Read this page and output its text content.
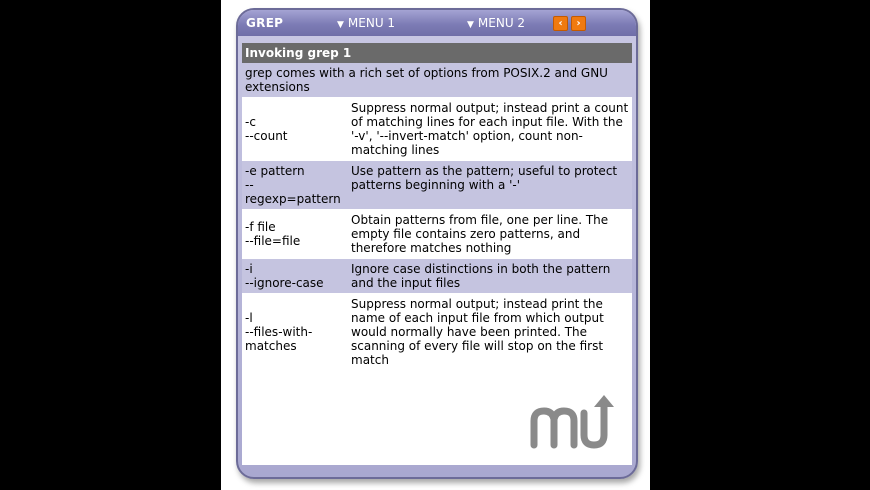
GREP	▼ MENU 1	▼ MENU 2	‹	›
Invoking grep 1
grep comes with a rich set of options from POSIX.2 and GNU extensions
-c
--count	Suppress normal output; instead print a count of matching lines for each input file. With the '-v', '--invert-match' option, count non-matching lines
-e pattern
--
regexp=pattern	Use pattern as the pattern; useful to protect patterns beginning with a '-'
-f file
--file=file	Obtain patterns from file, one per line. The empty file contains zero patterns, and therefore matches nothing
-i
--ignore-case	Ignore case distinctions in both the pattern and the input files
-l
--files-with-
matches	Suppress normal output; instead print the name of each input file from which output would normally have been printed. The scanning of every file will stop on the first match
